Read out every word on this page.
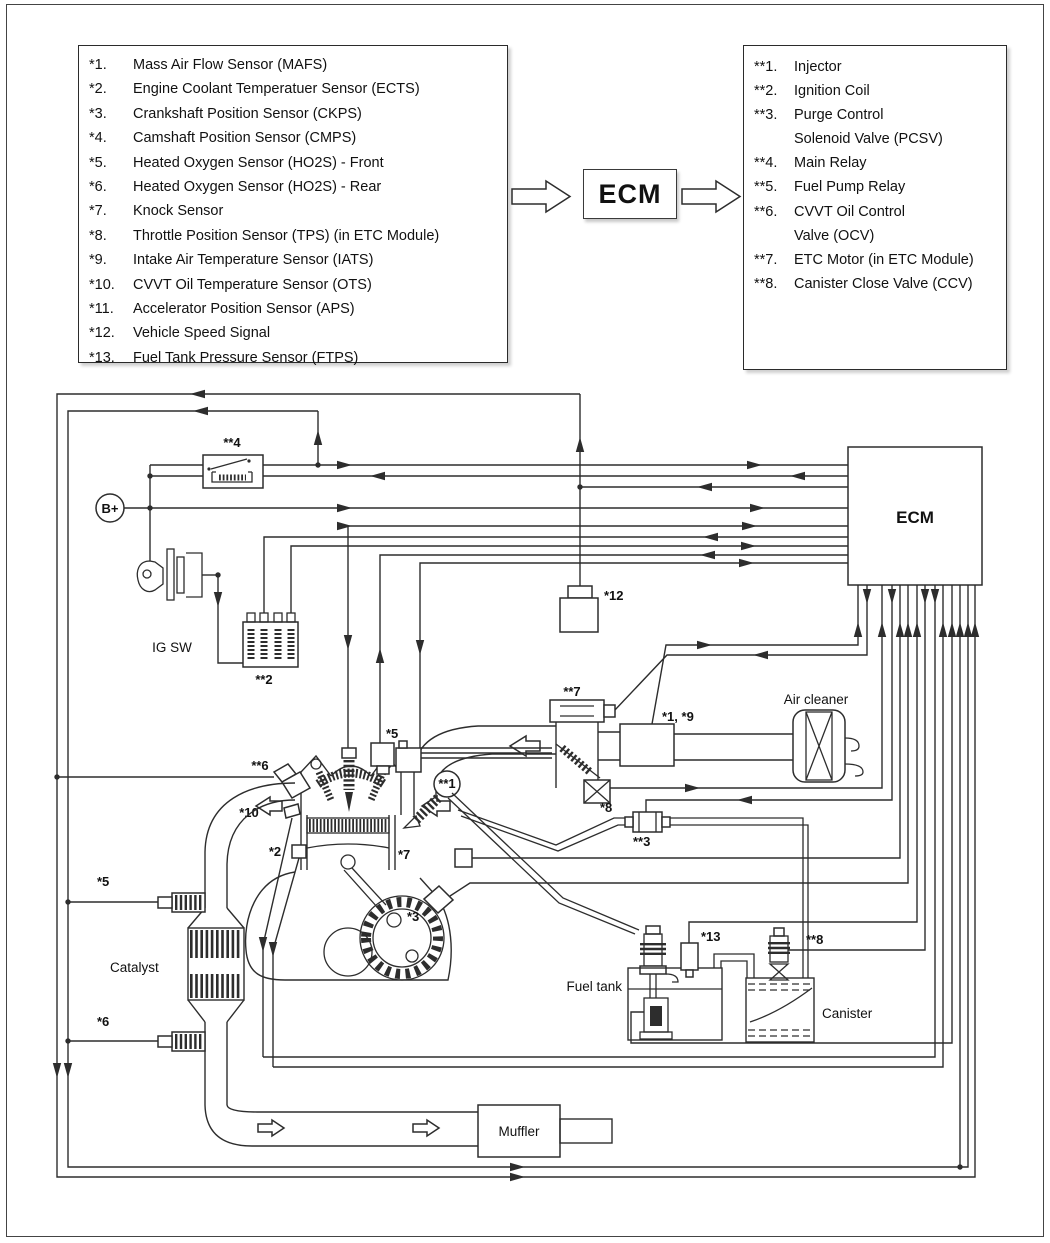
*1.	Mass Air Flow Sensor (MAFS)
*2.	Engine Coolant Temperatuer Sensor (ECTS)
*3.	Crankshaft Position Sensor (CKPS)
*4.	Camshaft Position Sensor (CMPS)
*5.	Heated Oxygen Sensor (HO2S) - Front
*6.	Heated Oxygen Sensor (HO2S) - Rear
*7.	Knock Sensor
*8.	Throttle Position Sensor (TPS) (in ETC Module)
*9.	Intake Air Temperature Sensor (IATS)
*10.	CVVT Oil Temperature Sensor (OTS)
*11.	Accelerator Position Sensor (APS)
*12.	Vehicle Speed Signal
*13.	Fuel Tank Pressure Sensor (FTPS)
**1.	Injector
**2.	Ignition Coil
**3.	Purge Control
Solenoid Valve (PCSV)
**4.	Main Relay
**5.	Fuel Pump Relay
**6.	CVVT Oil Control
Valve (OCV)
**7.	ETC Motor (in ETC Module)
**8.	Canister Close Valve (CCV)
ECM
ECM
**4
B+
IG SW
**2
*12
**7
*8
*1, *9
Air cleaner
**1
*3
*7
*2
*10
**6
*5
*5
*6
Catalyst
Muffler
**3
Fuel tank
*13
Canister
**8
